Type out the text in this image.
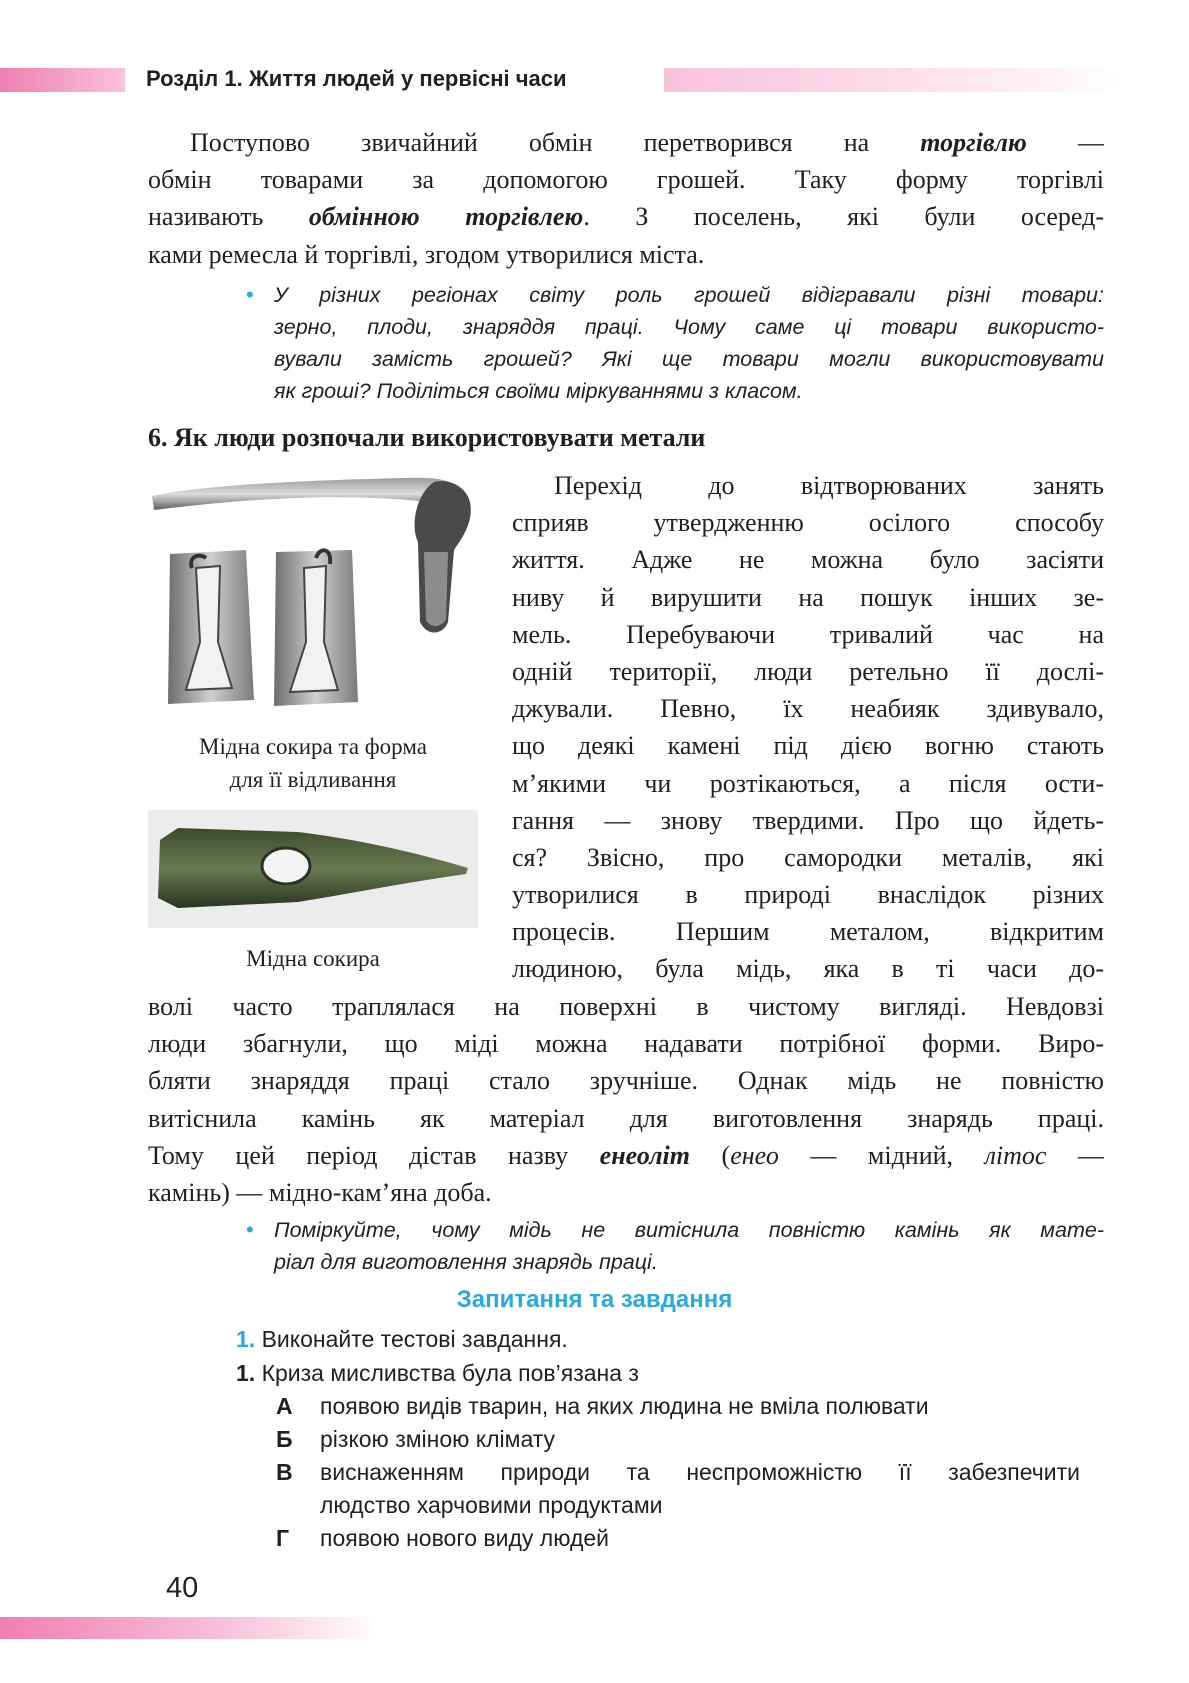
Розділ 1. Життя людей у первісні часи
Поступово звичайний обмін перетворився на торгівлю —
обмін товарами за допомогою грошей. Таку форму торгівлі
називають обмінною торгівлею. З поселень, які були осеред-
ками ремесла й торгівлі, згодом утворилися міста.
• У різних регіонах світу роль грошей відігравали різні товари:
зерно, плоди, знаряддя праці. Чому саме ці товари використо-
вували замість грошей? Які ще товари могли використовувати
як гроші? Поділіться своїми міркуваннями з класом.
6. Як люди розпочали використовувати метали
Мідна сокира та форма
для її відливання
Мідна сокира
Перехід до відтворюваних занять
сприяв утвердженню осілого способу
життя. Адже не можна було засіяти
ниву й вирушити на пошук інших зе-
мель. Перебуваючи тривалий час на
одній території, люди ретельно її дослі-
джували. Певно, їх неабияк здивувало,
що деякі камені під дією вогню стають
м’якими чи розтікаються, а після ости-
гання — знову твердими. Про що йдеть-
ся? Звісно, про самородки металів, які
утворилися в природі внаслідок різних
процесів. Першим металом, відкритим
людиною, була мідь, яка в ті часи до-
волі часто траплялася на поверхні в чистому вигляді. Невдовзі
люди збагнули, що міді можна надавати потрібної форми. Виро-
бляти знаряддя праці стало зручніше. Однак мідь не повністю
витіснила камінь як матеріал для виготовлення знарядь праці.
Тому цей період дістав назву енеоліт (енео — мідний, літос —
камінь) — мідно-кам’яна доба.
• Поміркуйте, чому мідь не витіснила повністю камінь як мате-
ріал для виготовлення знарядь праці.
Запитання та завдання
1. Виконайте тестові завдання.
1. Криза мисливства була пов’язана з
А появою видів тварин, на яких людина не вміла полювати
Б різкою зміною клімату
В виснаженням природи та неспроможністю її забезпечити
людство харчовими продуктами
Г появою нового виду людей
40
